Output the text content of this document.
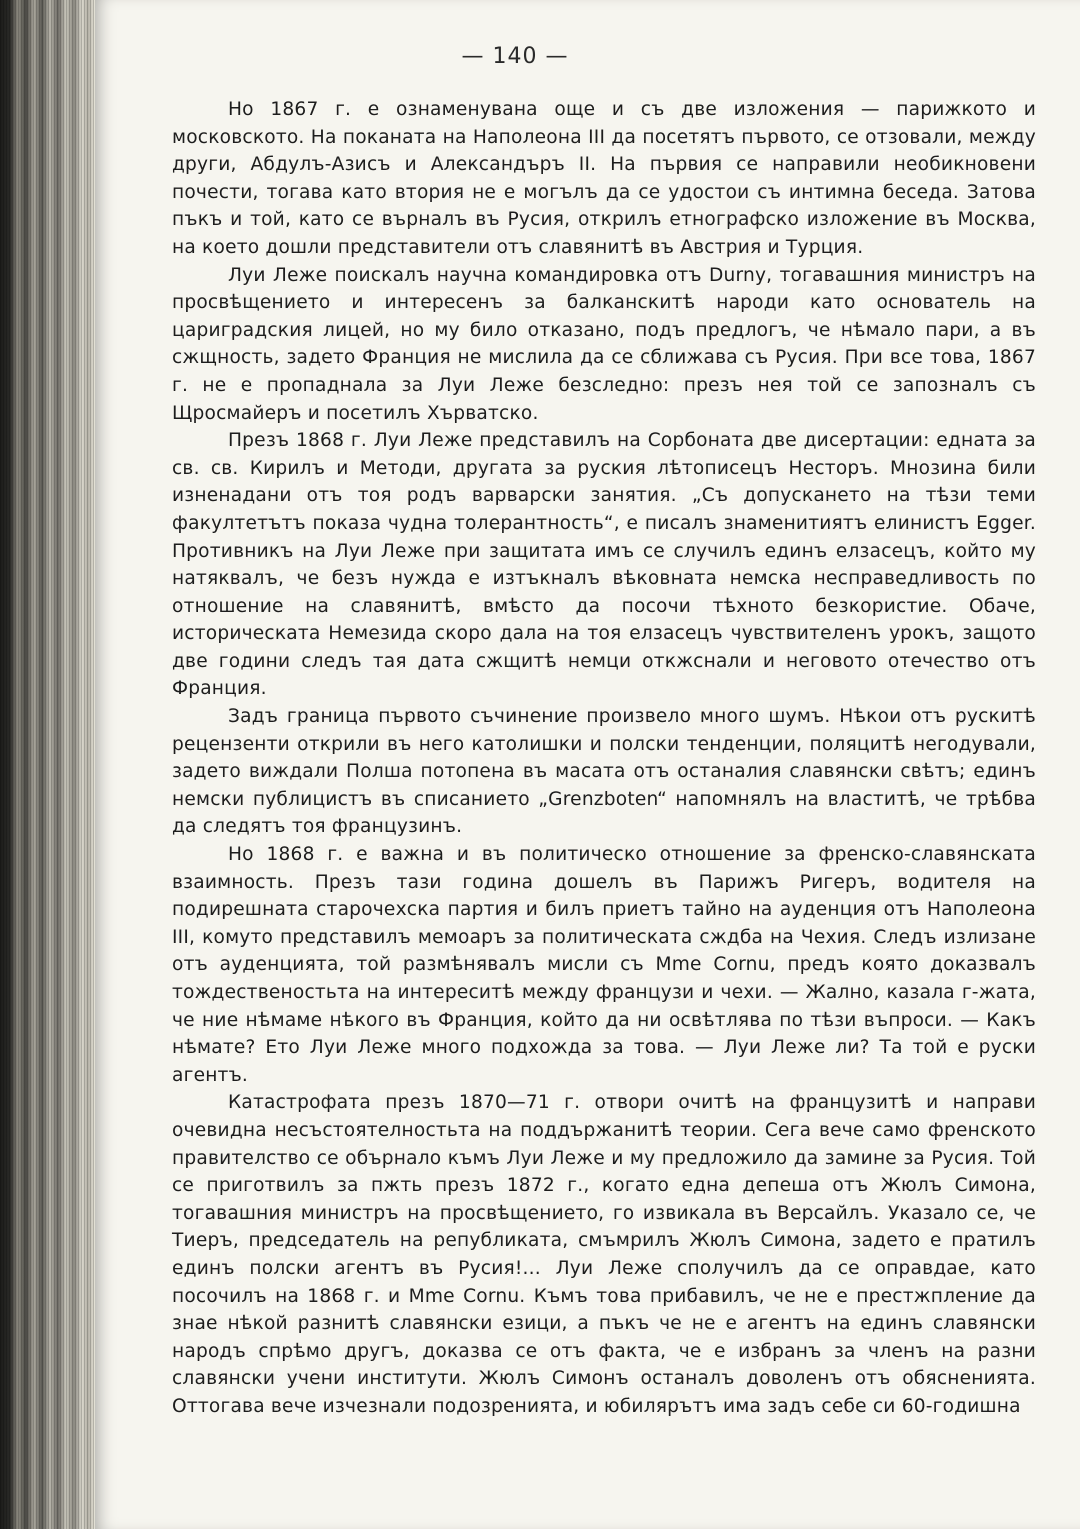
— 140 —

Но 1867 г. е ознаменувана още и съ две изложения — парижкото и московското. На поканата на Наполеона III да посетятъ първото, се отзовали, между други, Абдулъ-Азисъ и Александъръ II. На първия се направили необикновени почести, тогава като втория не е могълъ да се удостои съ интимна беседа. Затова пъкъ и той, като се върналъ въ Русия, открилъ етнографско изложение въ Москва, на което дошли представители отъ славянитѣ въ Австрия и Турция.

Луи Леже поискалъ научна командировка отъ Durny, тогавашния министръ на просвѣщението и интересенъ за балканскитѣ народи като основатель на цариградския лицей, но му било отказано, подъ предлогъ, че нѣмало пари, а въ сжщность, задето Франция не мислила да се сближава съ Русия. При все това, 1867 г. не е пропаднала за Луи Леже безследно: презъ нея той се запозналъ съ Щросмайеръ и посетилъ Хърватско.

Презъ 1868 г. Луи Леже представилъ на Сорбоната две дисертации: едната за св. св. Кирилъ и Методи, другата за руския лѣтописецъ Несторъ. Мнозина били изненадани отъ тоя родъ варварски занятия. „Съ допускането на тѣзи теми факултетътъ показа чудна толерантность“, е писалъ знаменитиятъ елинистъ Egger. Противникъ на Луи Леже при защитата имъ се случилъ единъ елзасецъ, който му натяквалъ, че безъ нужда е изтъкналъ вѣковната немска несправедливость по отношение на славянитѣ, вмѣсто да посочи тѣхното безкористие. Обаче, историческата Немезида скоро дала на тоя елзасецъ чувствителенъ урокъ, защото две години следъ тая дата сжщитѣ немци откжснали и неговото отечество отъ Франция.

Задъ граница първото съчинение произвело много шумъ. Нѣкои отъ рускитѣ рецензенти открили въ него католишки и полски тенденции, поляцитѣ негодували, задето виждали Полша потопена въ масата отъ останалия славянски свѣтъ; единъ немски публицистъ въ списанието „Grenzboten“ напомнялъ на властитѣ, че трѣбва да следятъ тоя французинъ.

Но 1868 г. е важна и въ политическо отношение за френско-славянската взаимность. Презъ тази година дошелъ въ Парижъ Ригеръ, водителя на подирешната старочехска партия и билъ приетъ тайно на ауденция отъ Наполеона III, комуто представилъ мемоаръ за политическата сждба на Чехия. Следъ излизане отъ ауденцията, той размѣнявалъ мисли съ Mme Cornu, предъ която доказвалъ тождественостьта на интереситѣ между французи и чехи. — Жално, казала г-жата, че ние нѣмаме нѣкого въ Франция, който да ни освѣтлява по тѣзи въпроси. — Какъ нѣмате? Ето Луи Леже много подхожда за това. — Луи Леже ли? Та той е руски агентъ.

Катастрофата презъ 1870—71 г. отвори очитѣ на французитѣ и направи очевидна несъстоятелностьта на поддържанитѣ теории. Сега вече само френското правителство се обърнало къмъ Луи Леже и му предложило да замине за Русия. Той се приготвилъ за пжть презъ 1872 г., когато една депеша отъ Жюлъ Симона, тогавашния министръ на просвѣщението, го извикала въ Версайлъ. Указало се, че Тиеръ, председатель на републиката, смъмрилъ Жюлъ Симона, задето е пратилъ единъ полски агентъ въ Русия!... Луи Леже сполучилъ да се оправдае, като посочилъ на 1868 г. и Mme Cornu. Къмъ това прибавилъ, че не е престжпление да знае нѣкой разнитѣ славянски езици, а пъкъ че не е агентъ на единъ славянски народъ спрѣмо другъ, доказва се отъ факта, че е избранъ за членъ на разни славянски учени институти. Жюлъ Симонъ останалъ доволенъ отъ обясненията. Оттогава вече изчезнали подозренията, и юбилярътъ има задъ себе си 60-годишна
